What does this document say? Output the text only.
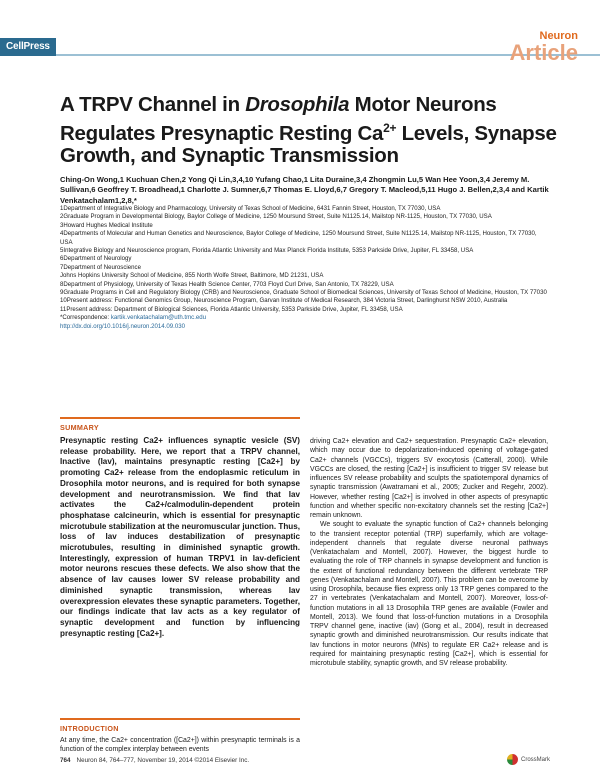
CellPress
Neuron
Article
A TRPV Channel in Drosophila Motor Neurons Regulates Presynaptic Resting $Ca^{2+}$ Levels, Synapse Growth, and Synaptic Transmission
Ching-On Wong,1 Kuchuan Chen,2 Yong Qi Lin,3,4,10 Yufang Chao,1 Lita Duraine,3,4 Zhongmin Lu,5 Wan Hee Yoon,3,4 Jeremy M. Sullivan,6 Geoffrey T. Broadhead,1 Charlotte J. Sumner,6,7 Thomas E. Lloyd,6,7 Gregory T. Macleod,5,11 Hugo J. Bellen,2,3,4 and Kartik Venkatachalam1,2,8,*
1Department of Integrative Biology and Pharmacology, University of Texas School of Medicine, 6431 Fannin Street, Houston, TX 77030, USA
2Graduate Program in Developmental Biology, Baylor College of Medicine, 1250 Moursund Street, Suite N1125.14, Mailstop NR-1125, Houston, TX 77030, USA
3Howard Hughes Medical Institute
4Departments of Molecular and Human Genetics and Neuroscience, Baylor College of Medicine, 1250 Moursund Street, Suite N1125.14, Mailstop NR-1125, Houston, TX 77030, USA
5Integrative Biology and Neuroscience program, Florida Atlantic University and Max Planck Florida Institute, 5353 Parkside Drive, Jupiter, FL 33458, USA
6Department of Neurology
7Department of Neuroscience
Johns Hopkins University School of Medicine, 855 North Wolfe Street, Baltimore, MD 21231, USA
8Department of Physiology, University of Texas Health Science Center, 7703 Floyd Curl Drive, San Antonio, TX 78229, USA
9Graduate Programs in Cell and Regulatory Biology (CRB) and Neuroscience, Graduate School of Biomedical Sciences, University of Texas School of Medicine, Houston, TX 77030
10Present address: Functional Genomics Group, Neuroscience Program, Garvan Institute of Medical Research, 384 Victoria Street, Darlinghurst NSW 2010, Australia
11Present address: Department of Biological Sciences, Florida Atlantic University, 5353 Parkside Drive, Jupiter, FL 33458, USA
*Correspondence: kartik.venkatachalam@uth.tmc.edu
http://dx.doi.org/10.1016/j.neuron.2014.09.030
SUMMARY
Presynaptic resting Ca2+ influences synaptic vesicle (SV) release probability. Here, we report that a TRPV channel, Inactive (Iav), maintains presynaptic resting [Ca2+] by promoting Ca2+ release from the endoplasmic reticulum in Drosophila motor neurons, and is required for both synapse development and neurotransmission. We find that Iav activates the Ca2+/calmodulin-dependent protein phosphatase calcineurin, which is essential for presynaptic microtubule stabilization at the neuromuscular junction. Thus, loss of Iav induces destabilization of presynaptic microtubules, resulting in diminished synaptic growth. Interestingly, expression of human TRPV1 in Iav-deficient motor neurons rescues these defects. We also show that the absence of Iav causes lower SV release probability and diminished synaptic transmission, whereas Iav overexpression elevates these synaptic parameters. Together, our findings indicate that Iav acts as a key regulator of synaptic development and function by influencing presynaptic resting [Ca2+].
INTRODUCTION
At any time, the Ca2+ concentration ([Ca2+]) within presynaptic terminals is a function of the complex interplay between events

driving Ca2+ elevation and Ca2+ sequestration. Presynaptic Ca2+ elevation, which may occur due to depolarization-induced opening of voltage-gated Ca2+ channels (VGCCs), triggers SV exocytosis (Catterall, 2000). While VGCCs are closed, the resting [Ca2+] is insufficient to trigger SV release but influences SV release probability and sculpts the spatiotemporal dynamics of synaptic transmission (Awatramani et al., 2005; Zucker and Regehr, 2002). However, whether resting [Ca2+] is involved in other aspects of presynaptic function and whether specific non-excitatory channels set the resting [Ca2+] remain unknown.

We sought to evaluate the synaptic function of Ca2+ channels belonging to the transient receptor potential (TRP) superfamily, which are voltage-independent channels that regulate diverse neuronal pathways (Venkatachalam and Montell, 2007). However, the biggest hurdle to evaluating the role of TRP channels in synapse development and function is the extent of functional redundancy between the different vertebrate TRP genes (Venkatachalam and Montell, 2007). This problem can be overcome by using Drosophila, because flies express only 13 TRP genes compared to the 27 in vertebrates (Venkatachalam and Montell, 2007). Moreover, loss-of-function mutations in all 13 Drosophila TRP genes are available (Fowler and Montell, 2013). We found that loss-of-function mutations in a Drosophila TRPV channel gene, inactive (iav) (Gong et al., 2004), result in decreased synaptic growth and diminished neurotransmission. Our results indicate that Iav functions in motor neurons (MNs) to regulate ER Ca2+ release and is required for maintaining presynaptic resting [Ca2+], which is essential for microtubule stability, synaptic growth, and SV release probability.

764 Neuron 84, 764–777, November 19, 2014 ©2014 Elsevier Inc.	CrossMark
